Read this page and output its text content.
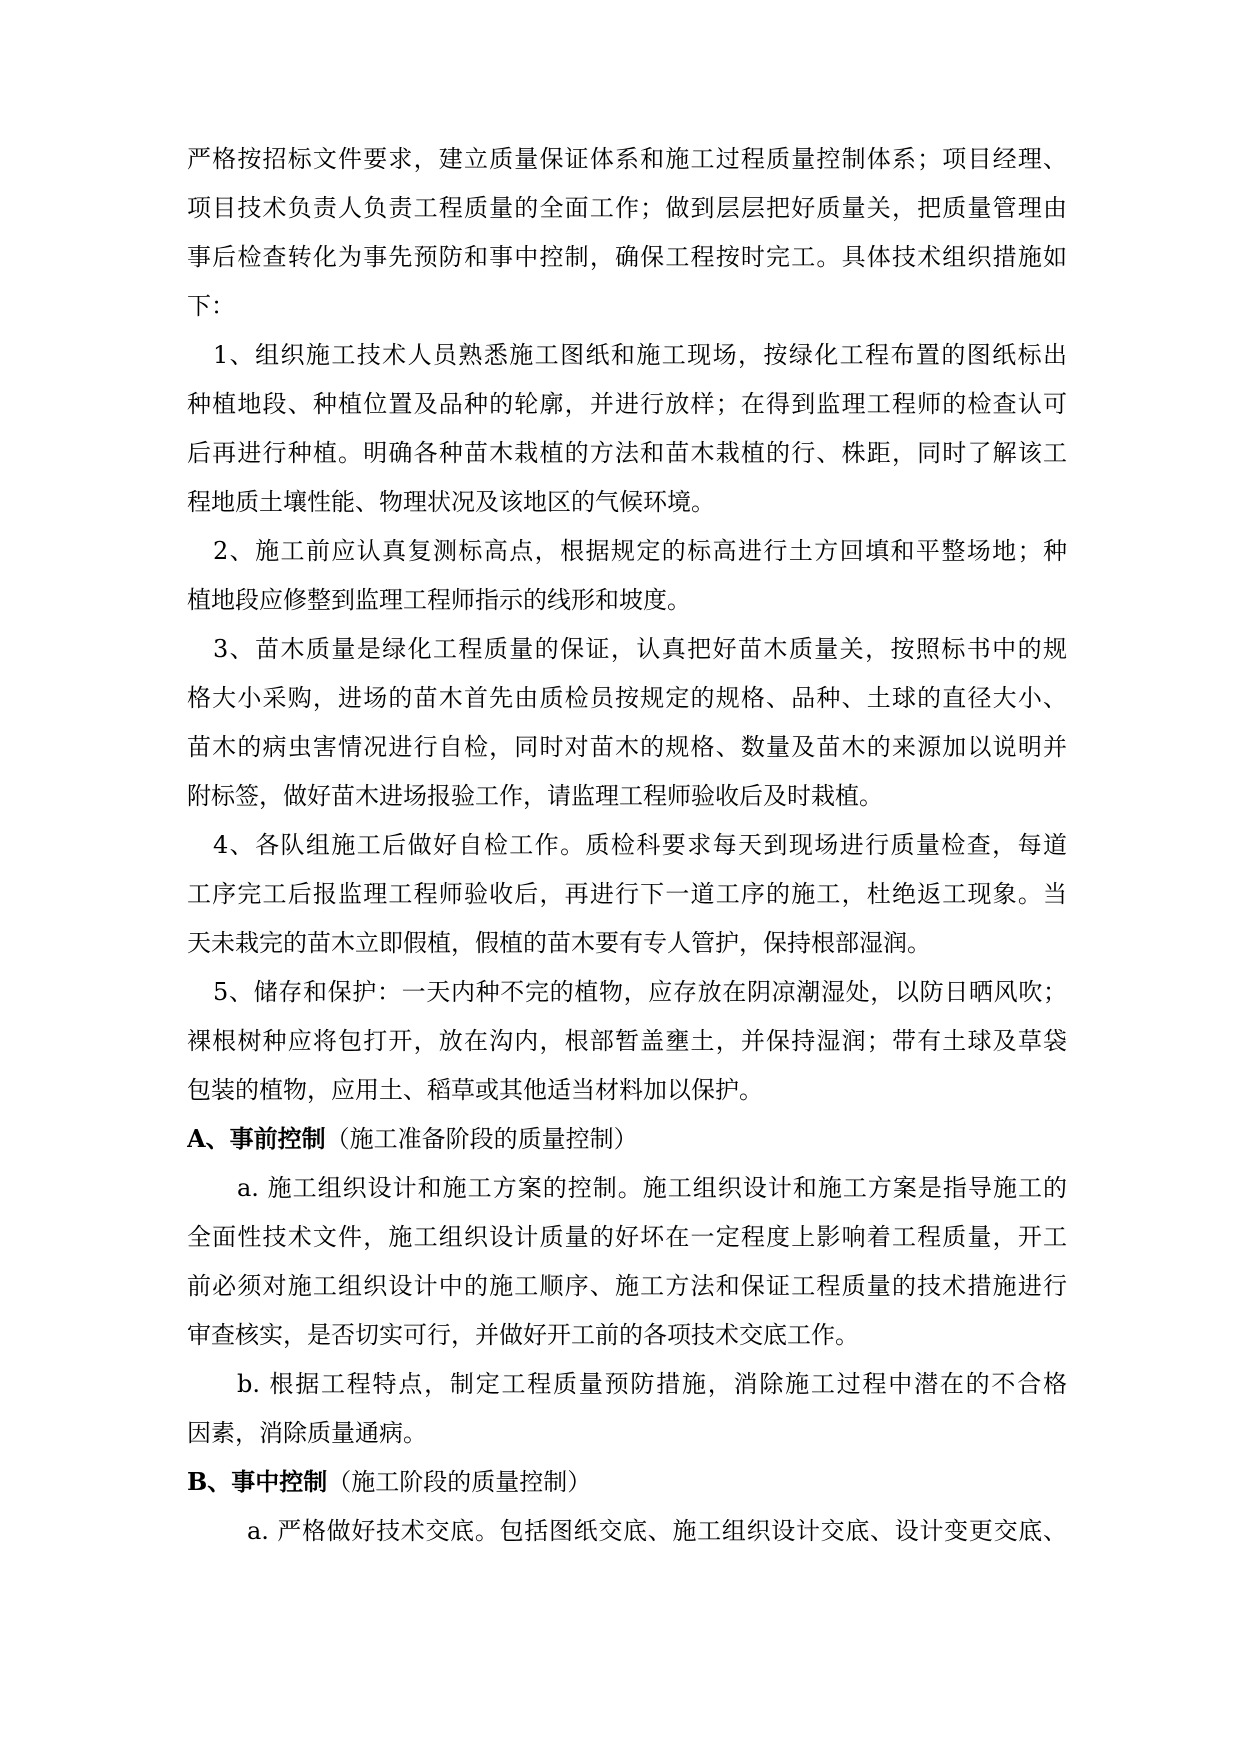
严格按招标文件要求，建立质量保证体系和施工过程质量控制体系；项目经理、
项目技术负责人负责工程质量的全面工作；做到层层把好质量关，把质量管理由
事后检查转化为事先预防和事中控制，确保工程按时完工。具体技术组织措施如
下：
1、组织施工技术人员熟悉施工图纸和施工现场，按绿化工程布置的图纸标出
种植地段、种植位置及品种的轮廓，并进行放样；在得到监理工程师的检查认可
后再进行种植。明确各种苗木栽植的方法和苗木栽植的行、株距，同时了解该工
程地质土壤性能、物理状况及该地区的气候环境。
2、施工前应认真复测标高点，根据规定的标高进行土方回填和平整场地；种
植地段应修整到监理工程师指示的线形和坡度。
3、苗木质量是绿化工程质量的保证，认真把好苗木质量关，按照标书中的规
格大小采购，进场的苗木首先由质检员按规定的规格、品种、土球的直径大小、
苗木的病虫害情况进行自检，同时对苗木的规格、数量及苗木的来源加以说明并
附标签，做好苗木进场报验工作，请监理工程师验收后及时栽植。
4、各队组施工后做好自检工作。质检科要求每天到现场进行质量检查，每道
工序完工后报监理工程师验收后，再进行下一道工序的施工，杜绝返工现象。当
天未栽完的苗木立即假植，假植的苗木要有专人管护，保持根部湿润。
5、储存和保护：一天内种不完的植物，应存放在阴凉潮湿处，以防日晒风吹；
裸根树种应将包打开，放在沟内，根部暂盖壅土，并保持湿润；带有土球及草袋
包装的植物，应用土、稻草或其他适当材料加以保护。
A、事前控制（施工准备阶段的质量控制）
a. 施工组织设计和施工方案的控制。施工组织设计和施工方案是指导施工的
全面性技术文件，施工组织设计质量的好坏在一定程度上影响着工程质量，开工
前必须对施工组织设计中的施工顺序、施工方法和保证工程质量的技术措施进行
审查核实，是否切实可行，并做好开工前的各项技术交底工作。
b. 根据工程特点，制定工程质量预防措施，消除施工过程中潜在的不合格
因素，消除质量通病。
B、事中控制（施工阶段的质量控制）
a. 严格做好技术交底。包括图纸交底、施工组织设计交底、设计变更交底、
